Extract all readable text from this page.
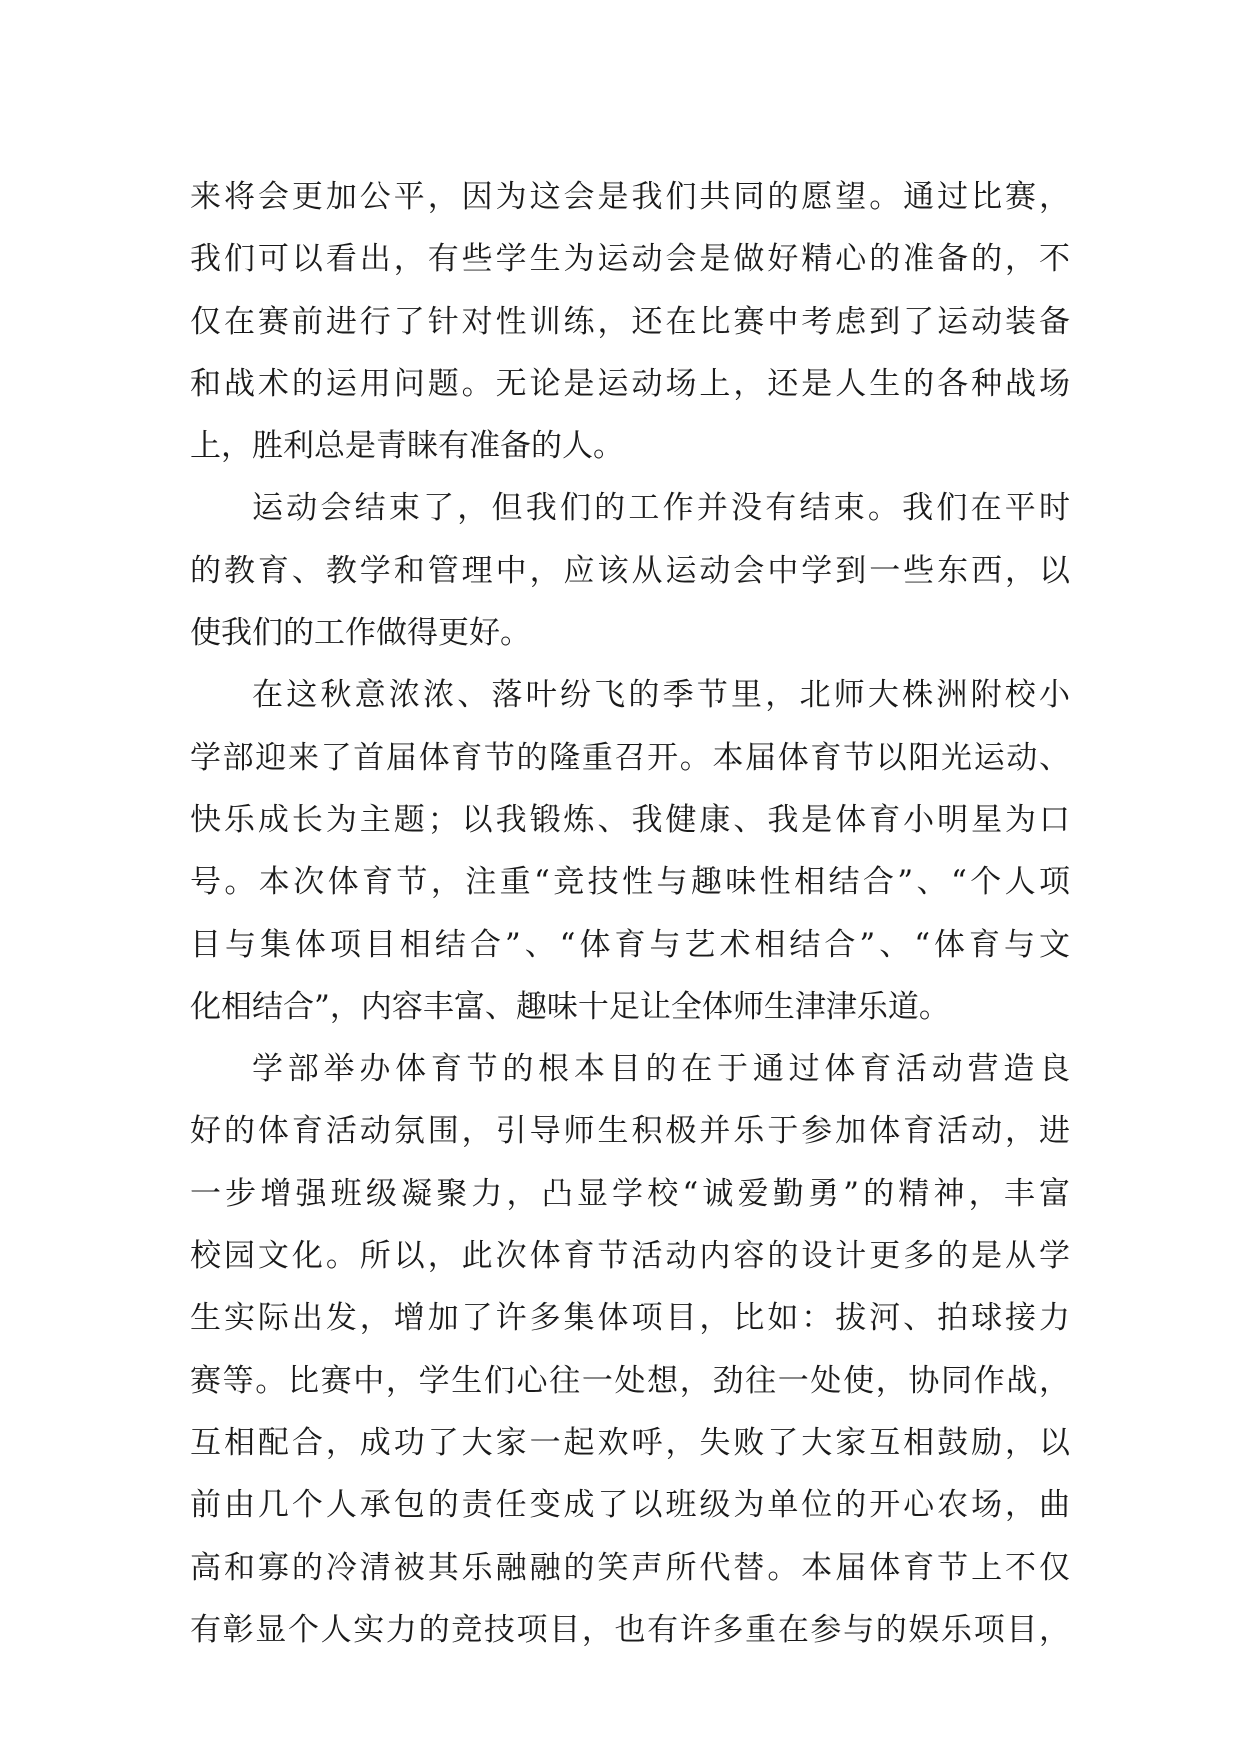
来将会更加公平，因为这会是我们共同的愿望。通过比赛，
我们可以看出，有些学生为运动会是做好精心的准备的，不
仅在赛前进行了针对性训练，还在比赛中考虑到了运动装备
和战术的运用问题。无论是运动场上，还是人生的各种战场
上，胜利总是青睐有准备的人。
运动会结束了，但我们的工作并没有结束。我们在平时
的教育、教学和管理中，应该从运动会中学到一些东西，以
使我们的工作做得更好。
在这秋意浓浓、落叶纷飞的季节里，北师大株洲附校小
学部迎来了首届体育节的隆重召开。本届体育节以阳光运动、
快乐成长为主题；以我锻炼、我健康、我是体育小明星为口
号。本次体育节，注重“竞技性与趣味性相结合”、“个人项
目与集体项目相结合”、“体育与艺术相结合”、“体育与文
化相结合”，内容丰富、趣味十足让全体师生津津乐道。
学部举办体育节的根本目的在于通过体育活动营造良
好的体育活动氛围，引导师生积极并乐于参加体育活动，进
一步增强班级凝聚力，凸显学校“诚爱勤勇”的精神，丰富
校园文化。所以，此次体育节活动内容的设计更多的是从学
生实际出发，增加了许多集体项目，比如：拔河、拍球接力
赛等。比赛中，学生们心往一处想，劲往一处使，协同作战，
互相配合，成功了大家一起欢呼，失败了大家互相鼓励，以
前由几个人承包的责任变成了以班级为单位的开心农场，曲
高和寡的冷清被其乐融融的笑声所代替。本届体育节上不仅
有彰显个人实力的竞技项目，也有许多重在参与的娱乐项目，
